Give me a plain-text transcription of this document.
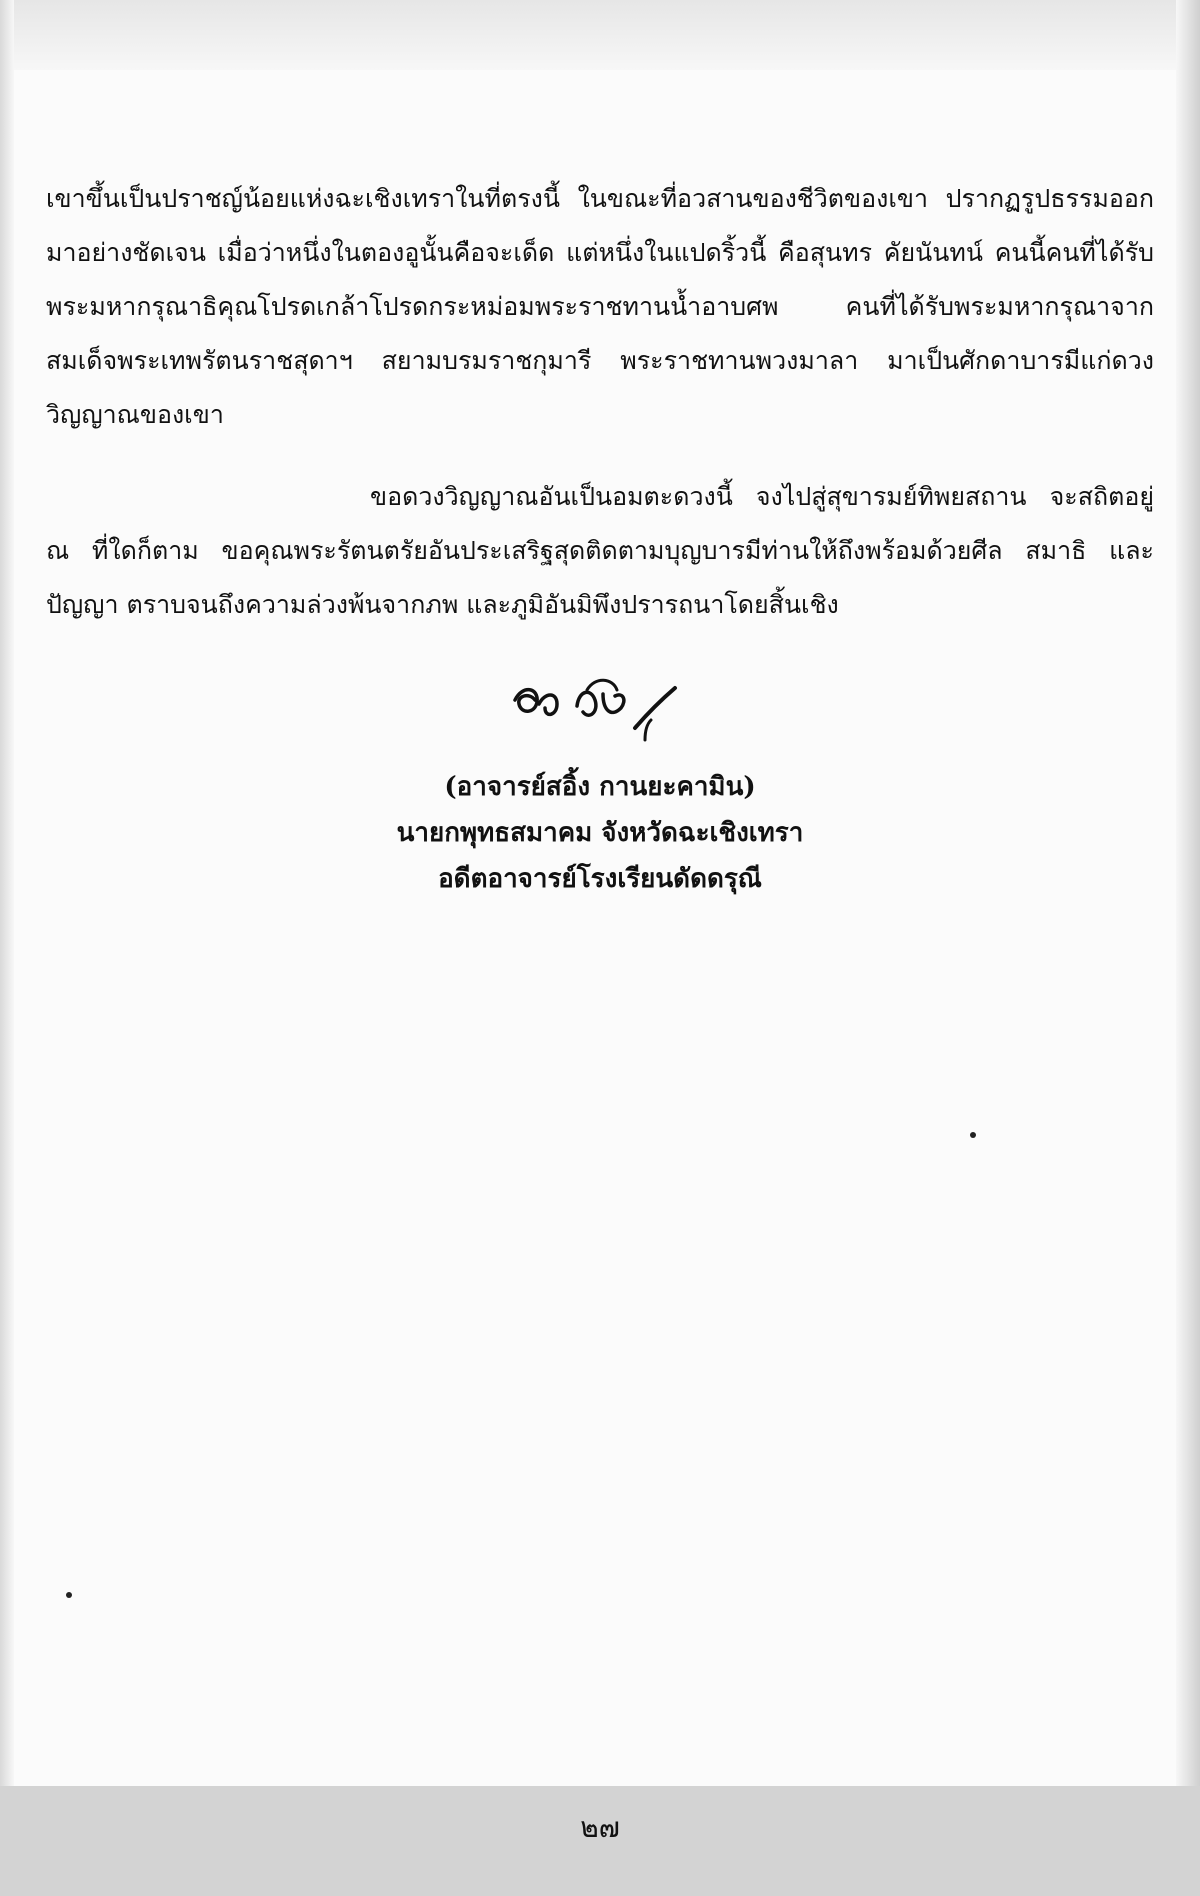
เขาขึ้นเป็นปราชญ์น้อยแห่งฉะเชิงเทราในที่ตรงนี้ ในขณะที่อวสานของชีวิตของเขา ปรากฏรูปธรรมออกมาอย่างชัดเจน เมื่อว่าหนึ่งในตองอูนั้นคือจะเด็ด แต่หนึ่งในแปดริ้วนี้ คือสุนทร คัยนันทน์ คนนี้คนที่ได้รับพระมหากรุณาธิคุณโปรดเกล้าโปรดกระหม่อมพระราชทานน้ำอาบศพ คนที่ได้รับพระมหากรุณาจากสมเด็จพระเทพรัตนราชสุดาฯ สยามบรมราชกุมารี พระราชทานพวงมาลา มาเป็นศักดาบารมีแก่ดวงวิญญาณของเขา

ขอดวงวิญญาณอันเป็นอมตะดวงนี้ จงไปสู่สุขารมย์ทิพยสถาน จะสถิตอยู่ ณ ที่ใดก็ตาม ขอคุณพระรัตนตรัยอันประเสริฐสุดติดตามบุญบารมีท่านให้ถึงพร้อมด้วยศีล สมาธิ และปัญญา ตราบจนถึงความล่วงพ้นจากภพ และภูมิอันมิพึงปรารถนาโดยสิ้นเชิง

(อาจารย์สอิ้ง กานยะคามิน)

นายกพุทธสมาคม จังหวัดฉะเชิงเทรา

อดีตอาจารย์โรงเรียนดัดดรุณี

๒๗
